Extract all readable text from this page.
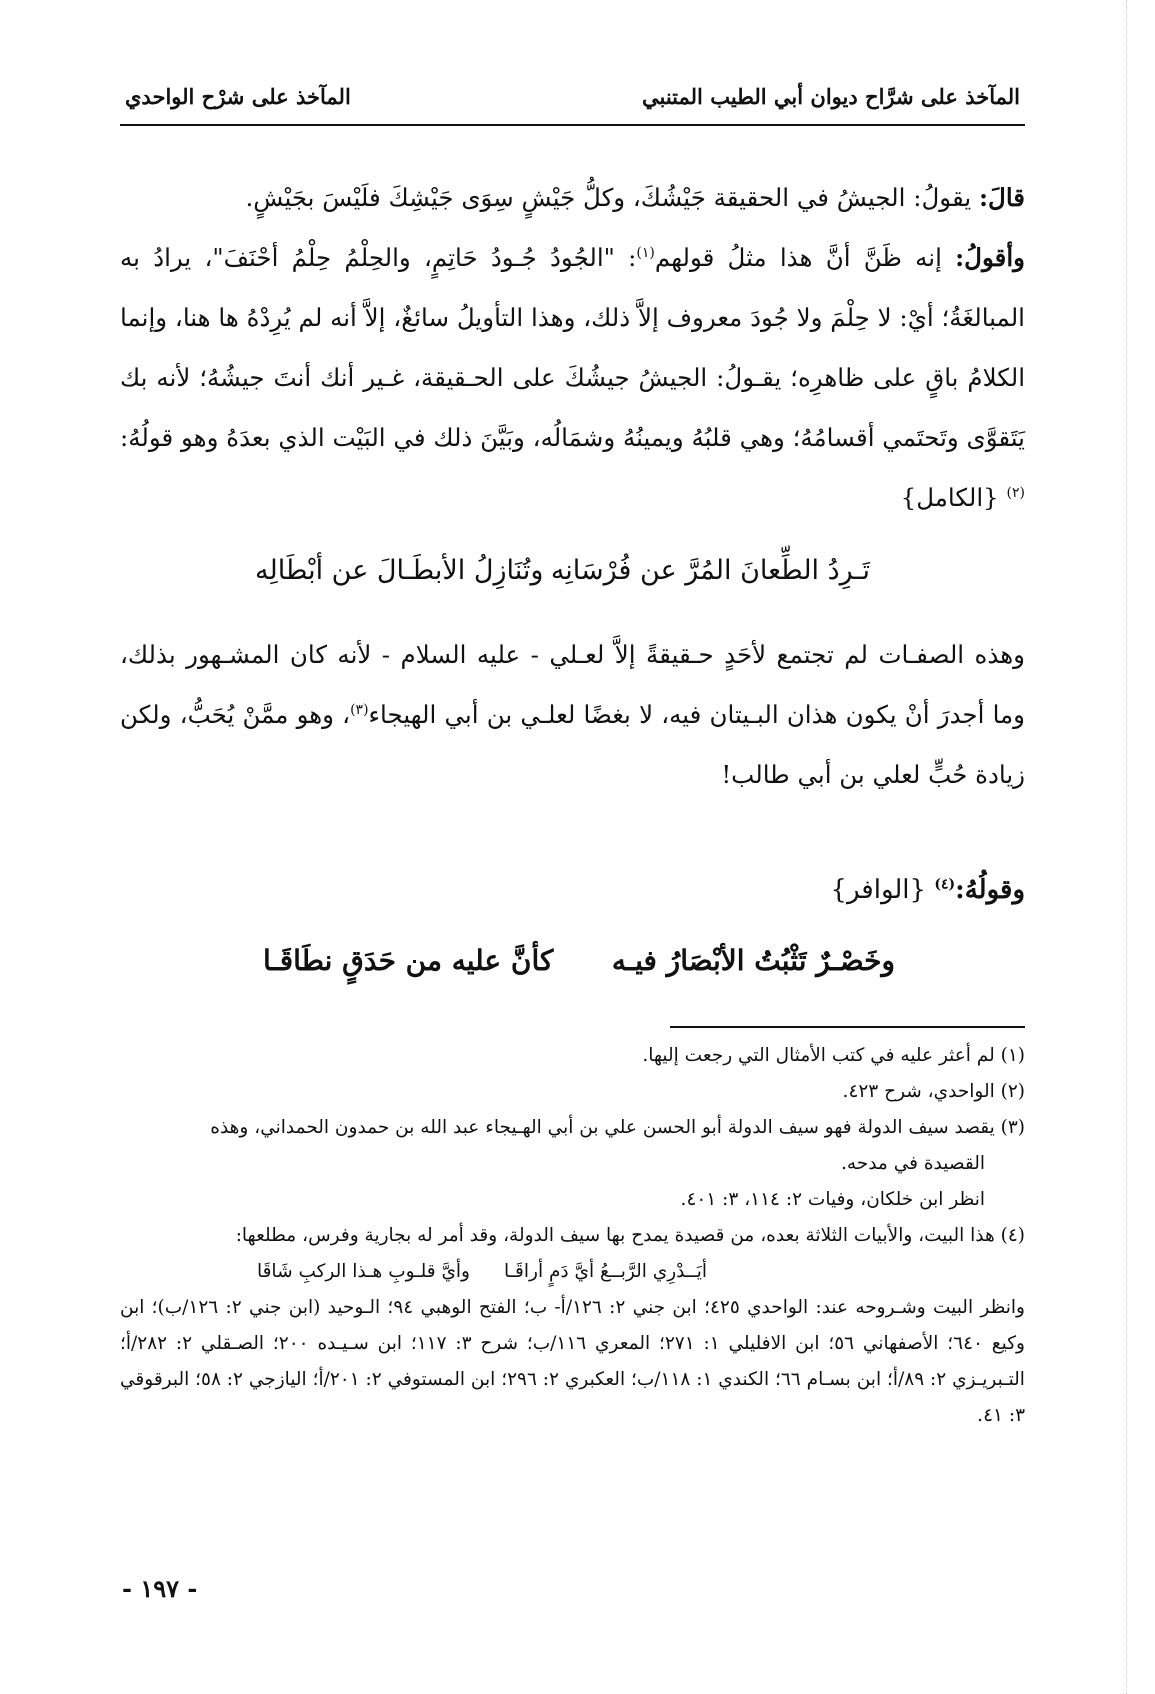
المآخذ على شرَّاح ديوان أبي الطيب المتنبي
المآخذ على شرْح الواحدي
قالَ: يقولُ: الجيشُ في الحقيقة جَيْشُكَ، وكلُّ جَيْشٍ سِوَى جَيْشِكَ فلَيْسَ بجَيْشٍ.
وأقولُ: إنه ظَنَّ أنَّ هذا مثلُ قولهم$^{(١)}$: "الجُودُ جُـودُ حَاتِمٍ، والحِلْمُ حِلْمُ أحْنَفَ"، يرادُ به المبالغَةُ؛ أيْ: لا حِلْمَ ولا جُودَ معروف إلاَّ ذلك، وهذا التأويلُ سائغٌ، إلاَّ أنه لم يُرِدْهُ ها هنا، وإنما الكلامُ باقٍ على ظاهرِه؛ يقـولُ: الجيشُ جيشُكَ على الحـقيقة، غـير أنك أنتَ جيشُهُ؛ لأنه بك يَتَقوَّى وتَحتَمي أقسامُهُ؛ وهي قلبُهُ ويمينُهُ وشمَالُه، وبَيَّنَ ذلك في البَيْت الذي بعدَهُ وهو قولُهُ:$^{(٢)}$ {الكامل}
تَـرِدُ الطِّعانَ المُرَّ عن فُرْسَانِه
وتُنَازِلُ الأبطَـالَ عن أبْطَالِه
وهذه الصفـات لم تجتمع لأحَدٍ حـقيقةً إلاَّ لعـلي - عليه السلام - لأنه كان المشـهور بذلك، وما أجدرَ أنْ يكون هذان البـيتان فيه، لا بغضًا لعلـي بن أبي الهيجاء$^{(٣)}$، وهو ممَّنْ يُحَبُّ، ولكن زيادة حُبٍّ لعلي بن أبي طالب!
وقولُهُ:$^{(٤)}$ {الوافر}
وخَصْـرٌ تَثْبُتُ الأبْصَارُ فيـه
كأنَّ عليه من حَدَقٍ نطَاقَـا
(١) لم أعثر عليه في كتب الأمثال التي رجعت إليها.
(٢) الواحدي، شرح ٤٢٣.
(٣) يقصد سيف الدولة فهو سيف الدولة أبو الحسن علي بن أبي الهـيجاء عبد الله بن حمدون الحمداني، وهذه
القصيدة في مدحه.
انظر ابن خلكان، وفيات ٢: ١١٤، ٣: ٤٠١.
(٤) هذا البيت، والأبيات الثلاثة بعده، من قصيدة يمدح بها سيف الدولة، وقد أمر له بجارية وفرس، مطلعها:
أيَــدْرِي الرَّبــعُ أيَّ دَمٍ أراقَـا
وأيَّ قلـوبِ هـذا الركبِ شَاقَا
وانظر البيت وشـروحه عند: الواحدي ٤٢٥؛ ابن جني ٢: ١٢٦/أ- ب؛ الفتح الوهبي ٩٤؛ الـوحيد (ابن جني ٢: ١٢٦/ب)؛ ابن وكيع ٦٤٠؛ الأصفهاني ٥٦؛ ابن الافليلي ١: ٢٧١؛ المعري ١١٦/ب؛ شرح ٣: ١١٧؛ ابن سـيـده ٢٠٠؛ الصـقلي ٢: ٢٨٢/أ؛ التـبريـزي ٢: ٨٩/أ؛ ابن بسـام ٦٦؛ الكندي ١: ١١٨/ب؛ العكبري ٢: ٢٩٦؛ ابن المستوفي ٢: ٢٠١/أ؛ اليازجي ٢: ٥٨؛ البرقوقي ٣: ٤١.
- ١٩٧ -
